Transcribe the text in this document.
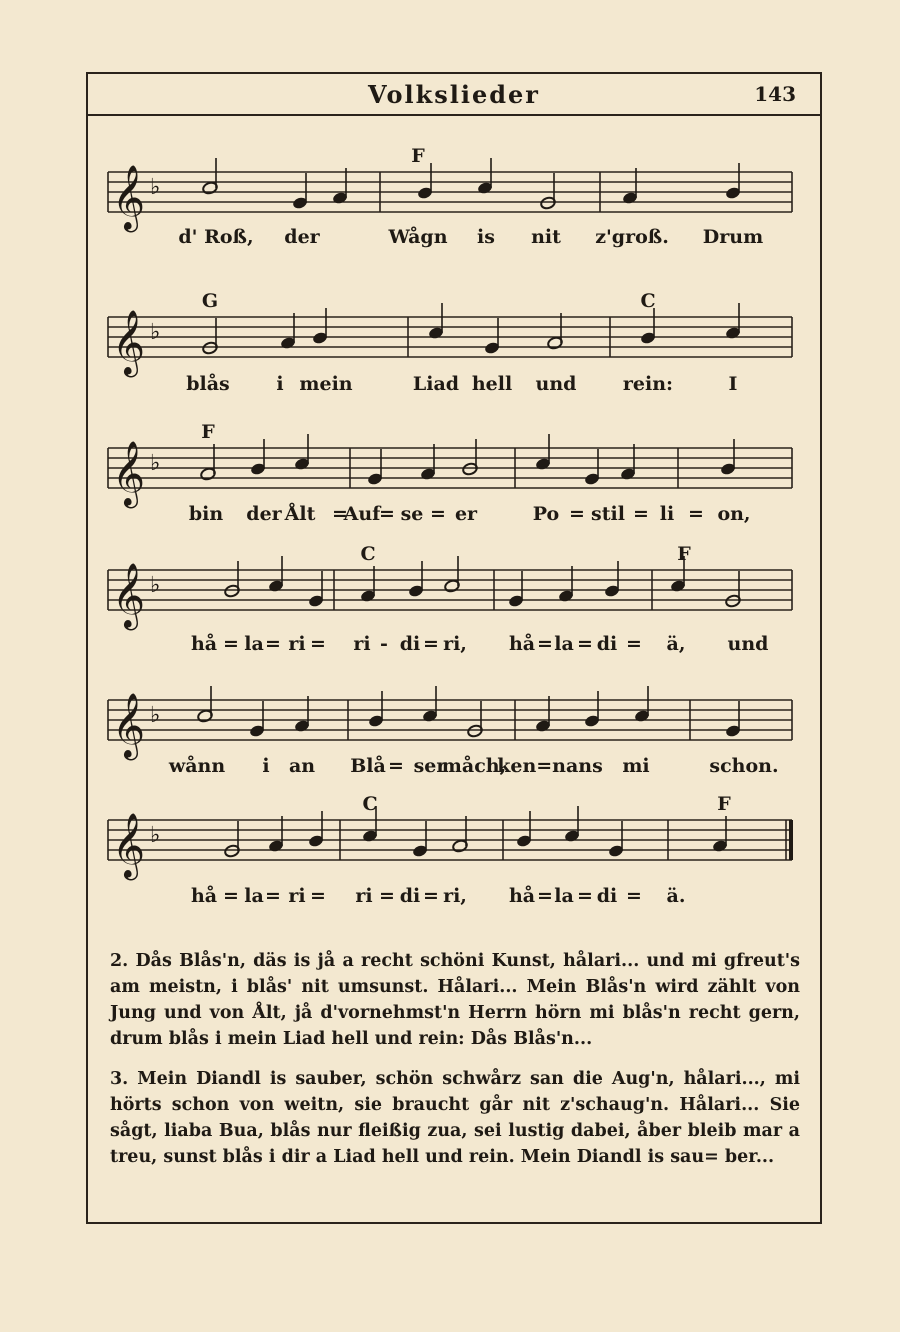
Volkslieder	143
𝄞 ♭
𝄞 ♭
𝄞 ♭
𝄞 ♭
𝄞 ♭
𝄞 ♭
F
G	C
F
C	F
C	F
d' Roß, der	Wågn is nit z'groß. Drum
blås i mein	Liad hell und rein:	I
bin der Ålt =
Auf
= se = er	Po = stil = li = on,
hå = la = ri = ri - di = ri, hå = la = di = ä, und
wånn i an Blå = ser
måch,
ken=nans mi	schon.
hå = la = ri = ri = di = ri, hå = la = di = ä.
2. Dås Blås'n, däs is jå a recht schöni Kunst, hålari... und mi gfreut's am meistn, i blås' nit umsunst. Hålari... Mein Blås'n wird zählt von Jung und von Ålt, jå d'vornehmst'n Herrn hörn mi blås'n recht gern, drum blås i mein Liad hell und rein: Dås Blås'n...
3. Mein Diandl is sauber, schön schwårz san die Aug'n, hålari..., mi hörts schon von weitn, sie braucht går nit z'schaug'n. Hålari... Sie sågt, liaba Bua, blås nur fleißig zua, sei lustig dabei, åber bleib mar a treu, sunst blås i dir a Liad hell und rein. Mein Diandl is sau= ber...
